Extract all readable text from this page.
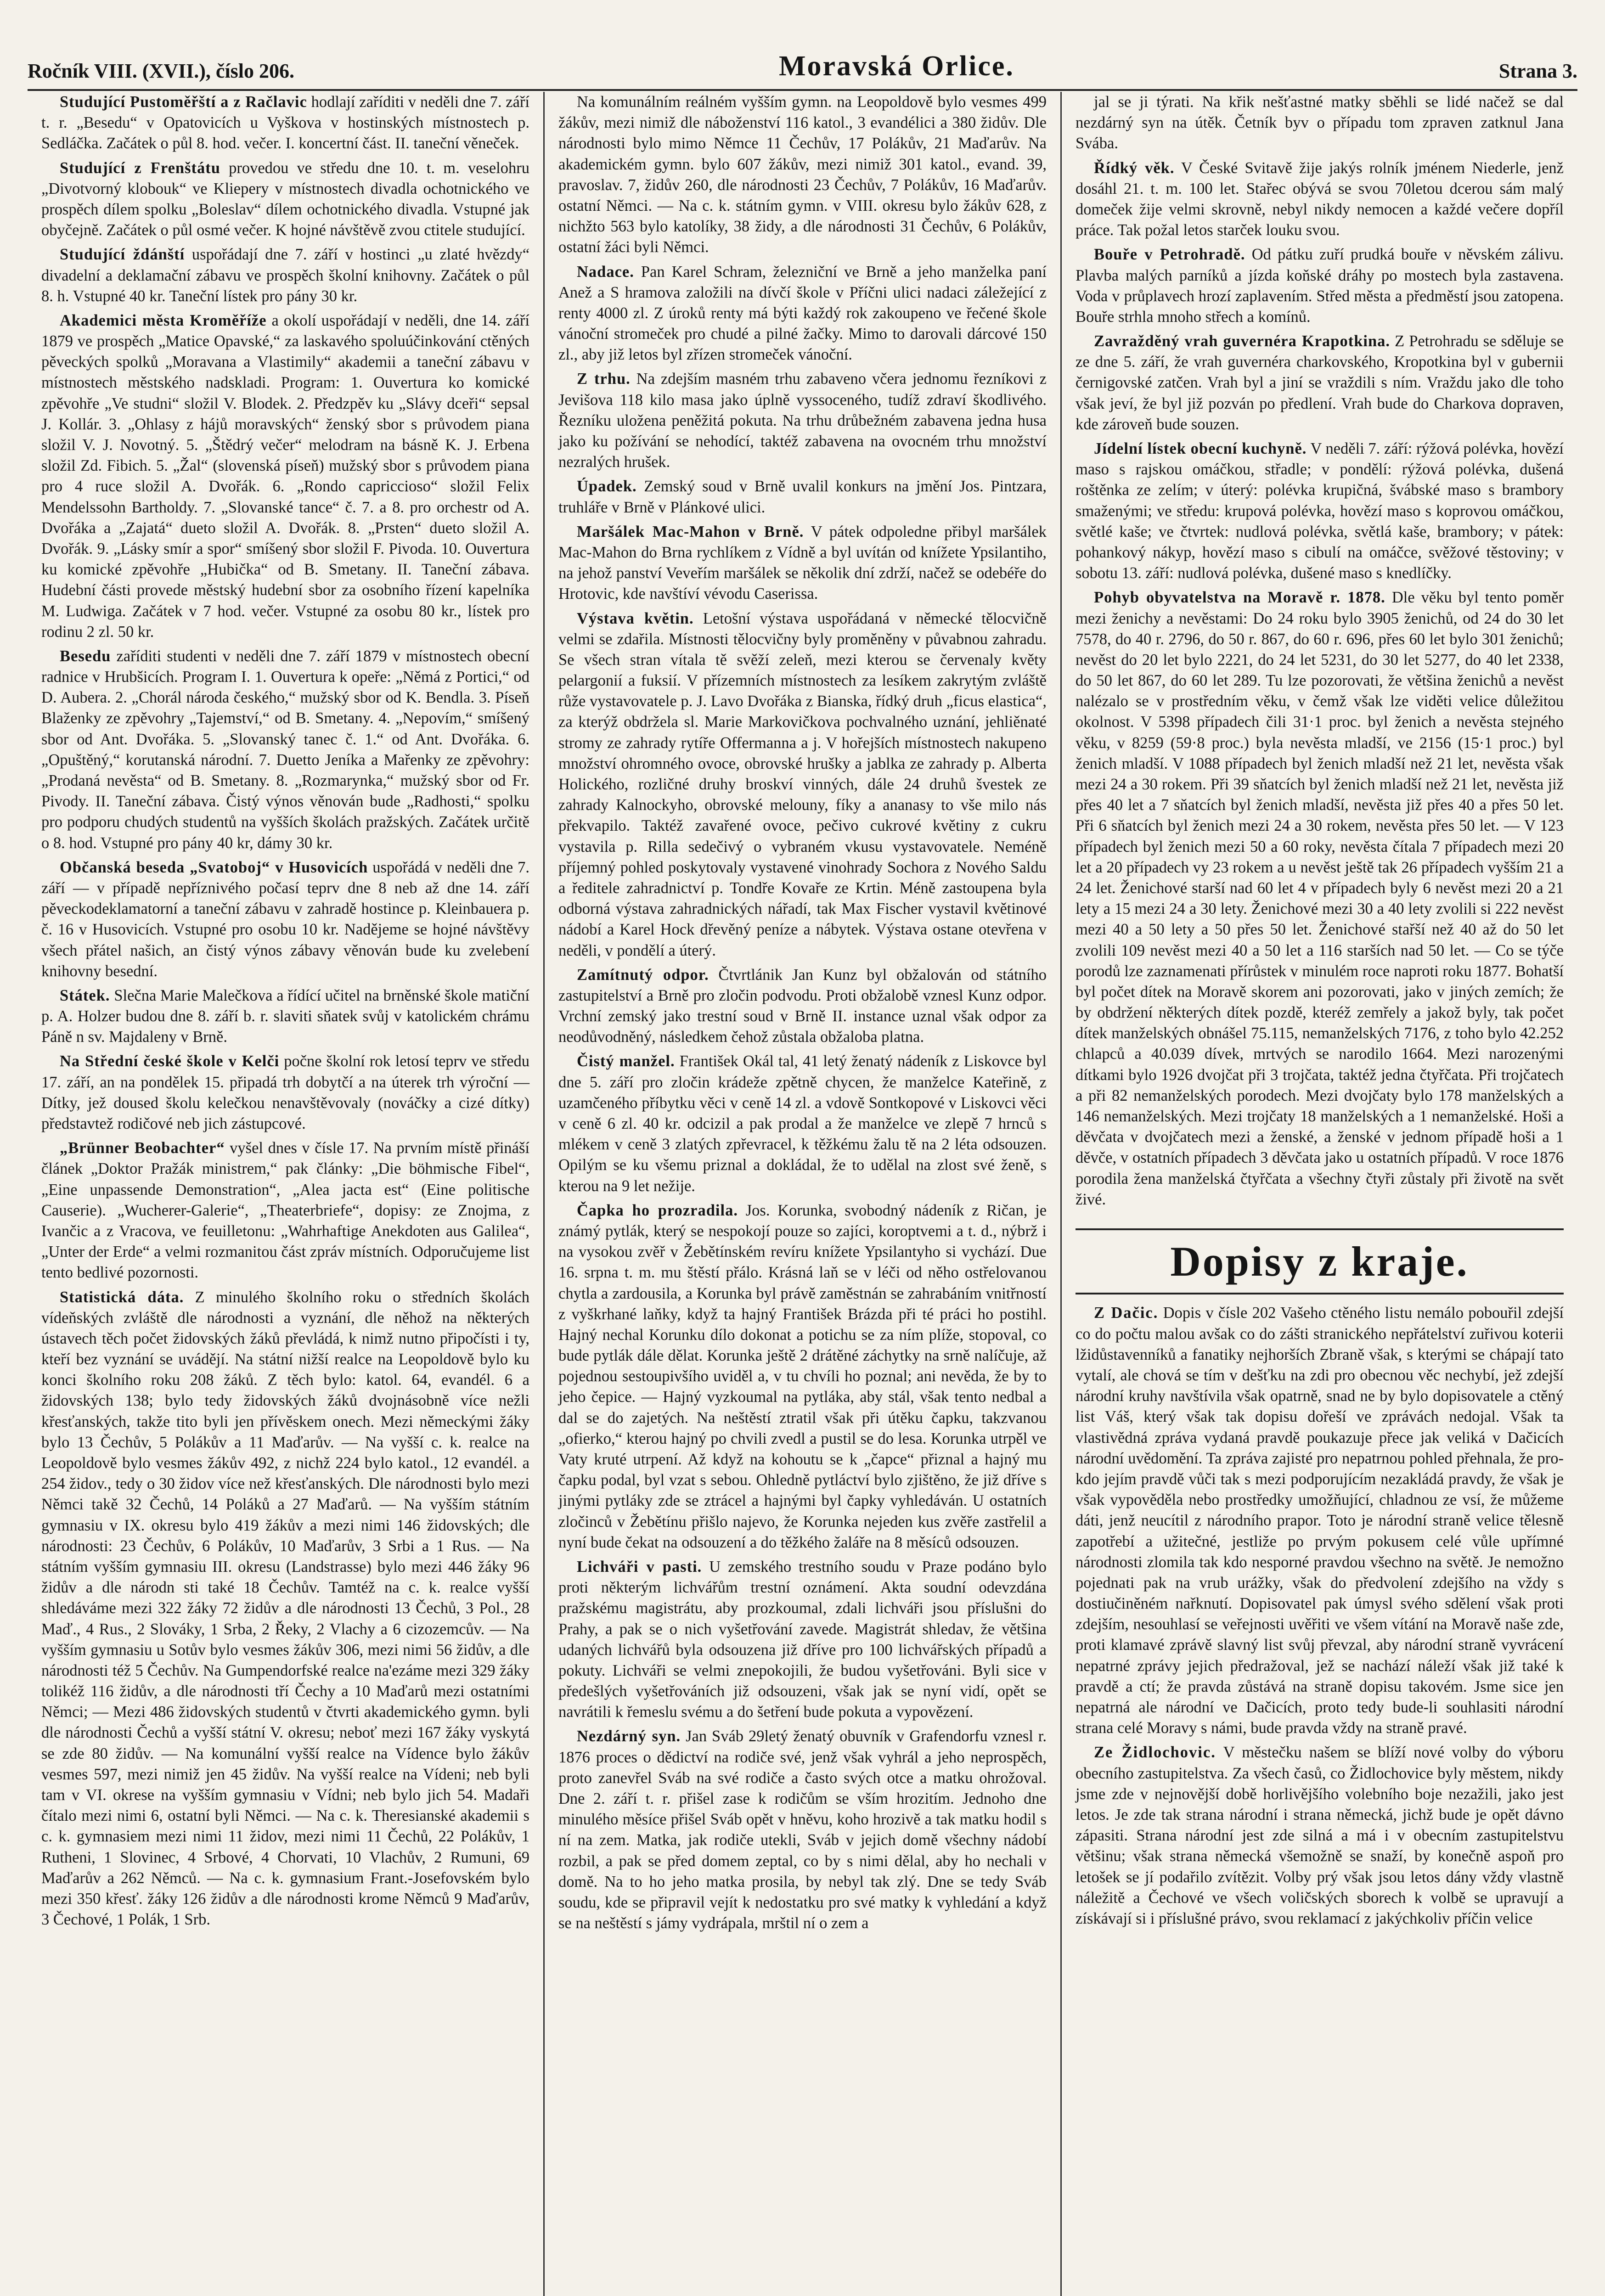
Ročník VIII. (XVII.), číslo 206.	Moravská Orlice.	Strana 3.

Studující Pustoměřští a z Račlavic hodlají zaříditi v neděli dne 7. září t. r. „Besedu“ v Opatovicích u Vyškova v hostinských místnostech p. Sedláčka. Začátek o půl 8. hod. večer. I. koncertní část. II. taneční věneček.

Studující z Frenštátu provedou ve středu dne 10. t. m. veselohru „Divotvorný klobouk“ ve Kliepery v místnostech divadla ochotnického ve prospěch dílem spolku „Boleslav“ dílem ochotnického divadla. Vstupné jak obyčejně. Začátek o půl osmé večer. K hojné návštěvě zvou ctitele studující.

Studující ždánští uspořádají dne 7. září v hostinci „u zlaté hvězdy“ divadelní a deklamační zábavu ve prospěch školní knihovny. Začátek o půl 8. h. Vstupné 40 kr. Taneční lístek pro pány 30 kr.

Akademici města Kroměříže a okolí uspořádají v neděli, dne 14. září 1879 ve prospěch „Matice Opavské,“ za laskavého spoluúčinkování ctěných pěveckých spolků „Moravana a Vlastimily“ akademii a taneční zábavu v místnostech městského nadskladi. Program: 1. Ouvertura ko komické zpěvohře „Ve studni“ složil V. Blodek. 2. Předzpěv ku „Slávy dceři“ sepsal J. Kollár. 3. „Ohlasy z hájů moravských“ ženský sbor s průvodem piana složil V. J. Novotný. 5. „Štědrý večer“ melodram na básně K. J. Erbena složil Zd. Fibich. 5. „Žal“ (slovenská píseň) mužský sbor s průvodem piana pro 4 ruce složil A. Dvořák. 6. „Rondo capriccioso“ složil Felix Mendelssohn Bartholdy. 7. „Slovanské tance“ č. 7. a 8. pro orchestr od A. Dvořáka a „Zajatá“ dueto složil A. Dvořák. 8. „Prsten“ dueto složil A. Dvořák. 9. „Lásky smír a spor“ smíšený sbor složil F. Pivoda. 10. Ouvertura ku komické zpěvohře „Hubička“ od B. Smetany. II. Taneční zábava. Hudební části provede městský hudební sbor za osobního řízení kapelníka M. Ludwiga. Začátek v 7 hod. večer. Vstupné za osobu 80 kr., lístek pro rodinu 2 zl. 50 kr.

Besedu zaříditi studenti v neděli dne 7. září 1879 v místnostech obecní radnice v Hrubšicích. Program I. 1. Ouvertura k opeře: „Němá z Portici,“ od D. Aubera. 2. „Chorál národa českého,“ mužský sbor od K. Bendla. 3. Píseň Blaženky ze zpěvohry „Tajemství,“ od B. Smetany. 4. „Nepovím,“ smíšený sbor od Ant. Dvořáka. 5. „Slovanský tanec č. 1.“ od Ant. Dvořáka. 6. „Opuštěný,“ korutanská národní. 7. Duetto Jeníka a Mařenky ze zpěvohry: „Prodaná nevěsta“ od B. Smetany. 8. „Rozmarynka,“ mužský sbor od Fr. Pivody. II. Taneční zábava. Čistý výnos věnován bude „Radhosti,“ spolku pro podporu chudých studentů na vyšších školách pražských. Začátek určitě o 8. hod. Vstupné pro pány 40 kr, dámy 30 kr.

Občanská beseda „Svatoboj“ v Husovicích uspořádá v neděli dne 7. září — v případě nepříznivého počasí teprv dne 8 neb až dne 14. září pěveckodeklamatorní a taneční zábavu v zahradě hostince p. Kleinbauera p. č. 16 v Husovicích. Vstupné pro osobu 10 kr. Nadějeme se hojné návštěvy všech přátel našich, an čistý výnos zábavy věnován bude ku zvelebení knihovny besední.

Státek. Slečna Marie Malečkova a řídící učitel na brněnské škole matiční p. A. Holzer budou dne 8. září b. r. slaviti sňatek svůj v katolickém chrámu Páně n sv. Majdaleny v Brně.

Na Střední české škole v Kelči počne školní rok letosí teprv ve středu 17. září, an na pondělek 15. připadá trh dobytčí a na úterek trh výroční — Dítky, jež doused školu kelečkou nenavštěvovaly (nováčky a cizé dítky) představtež rodičové neb jich zástupcové.

„Brünner Beobachter“ vyšel dnes v čísle 17. Na prvním místě přináší článek „Doktor Pražák ministrem,“ pak články: „Die böhmische Fibel“, „Eine unpassende Demonstration“, „Alea jacta est“ (Eine politische Causerie). „Wucherer-Galerie“, „Theaterbriefe“, dopisy: ze Znojma, z Ivančic a z Vracova, ve feuilletonu: „Wahrhaftige Anekdoten aus Galilea“, „Unter der Erde“ a velmi rozmanitou část zpráv místních. Odporučujeme list tento bedlivé pozornosti.

Statistická dáta. Z minulého školního roku o středních školách vídeňských zvláště dle národnosti a vyznání, dle něhož na některých ústavech těch počet židovských žáků převládá, k nimž nutno připočísti i ty, kteří bez vyznání se uvádějí. Na státní nižší realce na Leopoldově bylo ku konci školního roku 208 žáků. Z těch bylo: katol. 64, evandél. 6 a židovských 138; bylo tedy židovských žáků dvojnásobně více nežli křesťanských, takže tito byli jen přívěskem onech. Mezi německými žáky bylo 13 Čechův, 5 Polákův a 11 Maďarův. — Na vyšší c. k. realce na Leopoldově bylo vesmes žákův 492, z nichž 224 bylo katol., 12 evandél. a 254 židov., tedy o 30 židov více než křesťanských. Dle národnosti bylo mezi Němci takě 32 Čechů, 14 Poláků a 27 Maďarů. — Na vyšším státním gymnasiu v IX. okresu bylo 419 žákův a mezi nimi 146 židovských; dle národnosti: 23 Čechův, 6 Polákův, 10 Maďarův, 3 Srbi a 1 Rus. — Na státním vyšším gymnasiu III. okresu (Landstrasse) bylo mezi 446 žáky 96 židův a dle národn sti také 18 Čechův. Tamtéž na c. k. realce vyšší shledáváme mezi 322 žáky 72 židův a dle národnosti 13 Čechů, 3 Pol., 28 Maď., 4 Rus., 2 Slováky, 1 Srba, 2 Řeky, 2 Vlachy a 6 cizozemcův. — Na vyšším gymnasiu u Sotův bylo vesmes žákův 306, mezi nimi 56 židův, a dle národnosti též 5 Čechův. Na Gumpendorfské realce na'ezáme mezi 329 žáky tolikéž 116 židův, a dle národnosti tří Čechy a 10 Maďarů mezi ostatními Němci; — Mezi 486 židovských studentů v čtvrti akademického gymn. byli dle národnosti Čechů a vyšší státní V. okresu; neboť mezi 167 žáky vyskytá se zde 80 židův. — Na komunální vyšší realce na Vídence bylo žákův vesmes 597, mezi nimiž jen 45 židův. Na vyšší realce na Vídeni; neb byli tam v VI. okrese na vyšším gymnasiu v Vídni; neb bylo jich 54. Madaři čítalo mezi nimi 6, ostatní byli Němci. — Na c. k. Theresianské akademii s c. k. gymnasiem mezi nimi 11 židov, mezi nimi 11 Čechů, 22 Polákův, 1 Rutheni, 1 Slovinec, 4 Srbové, 4 Chorvati, 10 Vlachův, 2 Rumuni, 69 Maďarův a 262 Němců. — Na c. k. gymnasium Frant.-Josefovském bylo mezi 350 křesť. žáky 126 židův a dle národnosti krome Němců 9 Maďarův, 3 Čechové, 1 Polák, 1 Srb.

Na komunálním reálném vyšším gymn. na Leopoldově bylo vesmes 499 žákův, mezi nimiž dle náboženství 116 katol., 3 evandélici a 380 židův. Dle národnosti bylo mimo Němce 11 Čechův, 17 Polákův, 21 Maďarův. Na akademickém gymn. bylo 607 žákův, mezi nimiž 301 katol., evand. 39, pravoslav. 7, židův 260, dle národnosti 23 Čechův, 7 Polákův, 16 Maďarův. ostatní Němci. — Na c. k. státním gymn. v VIII. okresu bylo žákův 628, z nichžto 563 bylo katolíky, 38 židy, a dle národnosti 31 Čechův, 6 Polákův, ostatní žáci byli Němci.

Nadace. Pan Karel Schram, železniční ve Brně a jeho manželka paní Anež a S hramova založili na dívčí škole v Příčni ulici nadaci záležející z renty 4000 zl. Z úroků renty má býti každý rok zakoupeno ve řečené škole vánoční stromeček pro chudé a pilné žačky. Mimo to darovali dárcové 150 zl., aby již letos byl zřízen stromeček vánoční.

Z trhu. Na zdejším masném trhu zabaveno včera jednomu řezníkovi z Jevišova 118 kilo masa jako úplně vyssoceného, tudíž zdraví škodlivého. Řezníku uložena peněžitá pokuta. Na trhu drůbežném zabavena jedna husa jako ku požívání se nehodící, taktéž zabavena na ovocném trhu množství nezralých hrušek.

Úpadek. Zemský soud v Brně uvalil konkurs na jmění Jos. Pintzara, truhláře v Brně v Plánkové ulici.

Maršálek Mac-Mahon v Brně. V pátek odpoledne přibyl maršálek Mac-Mahon do Brna rychlíkem z Vídně a byl uvítán od knížete Ypsilantiho, na jehož panství Veveřím maršálek se několik dní zdrží, načež se odebéře do Hrotovic, kde navštíví vévodu Caserissa.

Výstava květin. Letošní výstava uspořádaná v německé tělocvičně velmi se zdařila. Místnosti tělocvičny byly proměněny v půvabnou zahradu. Se všech stran vítala tě svěží zeleň, mezi kterou se červenaly květy pelargonií a fuksií. V přízemních místnostech za lesíkem zakrytým zvláště růže vystavovatele p. J. Lavo Dvořáka z Bianska, řídký druh „ficus elastica“, za kterýž obdržela sl. Marie Markovičkova pochvalného uznání, jehliěnaté stromy ze zahrady rytíře Offermanna a j. V hořejších místnostech nakupeno množství ohromného ovoce, obrovské hrušky a jablka ze zahrady p. Alberta Holického, rozličné druhy broskví vinných, dále 24 druhů švestek ze zahrady Kalnockyho, obrovské melouny, fíky a ananasy to vše milo nás překvapilo. Taktéž zavařené ovoce, pečivo cukrové květiny z cukru vystavila p. Rilla sedečivý o vybraném vkusu vystavovatele. Neméně příjemný pohled poskytovaly vystavené vinohrady Sochora z Nového Saldu a ředitele zahradnictví p. Tondře Kovaře ze Krtin. Méně zastoupena byla odborná výstava zahradnických nářadí, tak Max Fischer vystavil květinové nádobí a Karel Hock dřevěný peníze a nábytek. Výstava ostane otevřena v neděli, v pondělí a úterý.

Zamítnutý odpor. Čtvrtlánik Jan Kunz byl obžalován od státního zastupitelství a Brně pro zločin podvodu. Proti obžalobě vznesl Kunz odpor. Vrchní zemský jako trestní soud v Brně II. instance uznal však odpor za neodůvodněný, následkem čehož zůstala obžaloba platna.

Čistý manžel. František Okál tal, 41 letý ženatý nádeník z Liskovce byl dne 5. září pro zločin krádeže zpětně chycen, že manželce Kateřině, z uzamčeného příbytku věci v ceně 14 zl. a vdově Sontkopové v Liskovci věci v ceně 6 zl. 40 kr. odcizil a pak prodal a že manželce ve zlepě 7 hrnců s mlékem v ceně 3 zlatých zpřevracel, k těžkému žalu tě na 2 léta odsouzen. Opilým se ku všemu priznal a dokládal, že to udělal na zlost své ženě, s kterou na 9 let nežije.

Čapka ho prozradila. Jos. Korunka, svobodný nádeník z Ričan, je známý pytlák, který se nespokojí pouze so zajíci, koroptvemi a t. d., nýbrž i na vysokou zvěř v Žebětínském revíru knížete Ypsilantyho si vychází. Due 16. srpna t. m. mu štěstí přálo. Krásná laň se v léči od něho ostřelovanou chytla a zardousila, a Korunka byl právě zaměstnán se zahrabáním vnitřností z vyškrhané laňky, když ta hajný František Brázda při té práci ho postihl. Hajný nechal Korunku dílo dokonat a potichu se za ním plíže, stopoval, co bude pytlák dále dělat. Korunka ještě 2 drátěné záchytky na srně nalíčuje, až pojednou sestoupivšího uviděl a, v tu chvíli ho poznal; ani nevěda, že by to jeho čepice. — Hajný vyzkoumal na pytláka, aby stál, však tento nedbal a dal se do zajetých. Na neštěstí ztratil však při útěku čapku, takzvanou „ofierko,“ kterou hajný po chvili zvedl a pustil se do lesa. Korunka utrpěl ve Vaty kruté utrpení. Až když na kohoutu se k „čapce“ přiznal a hajný mu čapku podal, byl vzat s sebou. Ohledně pytláctví bylo zjištěno, že již dříve s jinými pytláky zde se ztrácel a hajnými byl čapky vyhledáván. U ostatních zločinců v Žebětínu přišlo najevo, že Korunka nejeden kus zvěře zastřelil a nyní bude čekat na odsouzení a do těžkého žaláře na 8 měsíců odsouzen.

Lichváři v pasti. U zemského trestního soudu v Praze podáno bylo proti některým lichvářům trestní oznámení. Akta soudní odevzdána pražskému magistrátu, aby prozkoumal, zdali lichváři jsou příslušni do Prahy, a pak se o nich vyšetřování zavede. Magistrát shledav, že většina udaných lichvářů byla odsouzena již dříve pro 100 lichvářských případů a pokuty. Lichváři se velmi znepokojili, že budou vyšetřováni. Byli sice v předešlých vyšetřováních již odsouzeni, však jak se nyní vidí, opět se navrátili k řemeslu svému a do šetření bude pokuta a vypovězení.

Nezdárný syn. Jan Sváb 29letý ženatý obuvník v Grafendorfu vznesl r. 1876 proces o dědictví na rodiče své, jenž však vyhrál a jeho neprospěch, proto zanevřel Sváb na své rodiče a často svých otce a matku ohrožoval. Dne 2. září t. r. přišel zase k rodičům se vším hrozitím. Jednoho dne minulého měsíce přišel Sváb opět v hněvu, koho hrozivě a tak matku hodil s ní na zem. Matka, jak rodiče utekli, Sváb v jejich domě všechny nádobí rozbil, a pak se před domem zeptal, co by s nimi dělal, aby ho nechali v domě. Na to ho jeho matka prosila, by nebyl tak zlý. Dne se tedy Sváb soudu, kde se připravil vejít k nedostatku pro své matky k vyhledání a když se na neštěstí s jámy vydrápala, mrštil ní o zem a

jal se ji týrati. Na křik nešťastné matky sběhli se lidé načež se dal nezdárný syn na útěk. Četník byv o případu tom zpraven zatknul Jana Svába.

Řídký věk. V České Svitavě žije jakýs rolník jménem Niederle, jenž dosáhl 21. t. m. 100 let. Stařec obývá se svou 70letou dcerou sám malý domeček žije velmi skrovně, nebyl nikdy nemocen a každé večere dopříl práce. Tak požal letos starček louku svou.

Bouře v Petrohradě. Od pátku zuří prudká bouře v něvském zálivu. Plavba malých parníků a jízda koňské dráhy po mostech byla zastavena. Voda v průplavech hrozí zaplavením. Střed města a předměstí jsou zatopena. Bouře strhla mnoho střech a komínů.

Zavražděný vrah guvernéra Krapotkina. Z Petrohradu se sděluje se ze dne 5. září, že vrah guvernéra charkovského, Kropotkina byl v gubernii černigovské zatčen. Vrah byl a jiní se vraždili s ním. Vraždu jako dle toho však jeví, že byl již pozván po předlení. Vrah bude do Charkova dopraven, kde zároveň bude souzen.

Jídelní lístek obecní kuchyně. V neděli 7. září: rýžová polévka, hovězí maso s rajskou omáčkou, střadle; v pondělí: rýžová polévka, dušená roštěnka ze zelím; v úterý: polévka krupičná, švábské maso s brambory smaženými; ve středu: krupová polévka, hovězí maso s koprovou omáčkou, světlé kaše; ve čtvrtek: nudlová polévka, světlá kaše, brambory; v pátek: pohankový nákyp, hovězí maso s cibulí na omáčce, svěžové těstoviny; v sobotu 13. září: nudlová polévka, dušené maso s knedlíčky.

Pohyb obyvatelstva na Moravě r. 1878. Dle věku byl tento poměr mezi ženichy a nevěstami: Do 24 roku bylo 3905 ženichů, od 24 do 30 let 7578, do 40 r. 2796, do 50 r. 867, do 60 r. 696, přes 60 let bylo 301 ženichů; nevěst do 20 let bylo 2221, do 24 let 5231, do 30 let 5277, do 40 let 2338, do 50 let 867, do 60 let 289. Tu lze pozorovati, že většina ženichů a nevěst nalézalo se v prostředním věku, v čemž však lze viděti velice důležitou okolnost. V 5398 případech čili 31·1 proc. byl ženich a nevěsta stejného věku, v 8259 (59·8 proc.) byla nevěsta mladší, ve 2156 (15·1 proc.) byl ženich mladší. V 1088 případech byl ženich mladší než 21 let, nevěsta však mezi 24 a 30 rokem. Při 39 sňatcích byl ženich mladší než 21 let, nevěsta již přes 40 let a 7 sňatcích byl ženich mladší, nevěsta již přes 40 a přes 50 let. Při 6 sňatcích byl ženich mezi 24 a 30 rokem, nevěsta přes 50 let. — V 123 případech byl ženich mezi 50 a 60 roky, nevěsta čítala 7 případech mezi 20 let a 20 případech vy 23 rokem a u nevěst ještě tak 26 případech vyšším 21 a 24 let. Ženichové starší nad 60 let 4 v případech byly 6 nevěst mezi 20 a 21 lety a 15 mezi 24 a 30 lety. Ženichové mezi 30 a 40 lety zvolili si 222 nevěst mezi 40 a 50 lety a 50 přes 50 let. Ženichové stařší než 40 až do 50 let zvolili 109 nevěst mezi 40 a 50 let a 116 starších nad 50 let. — Co se týče porodů lze zaznamenati přírůstek v minulém roce naproti roku 1877. Bohatší byl počet dítek na Moravě skorem ani pozorovati, jako v jiných zemích; že by obdržení některých dítek pozdě, kteréž zemřely a jakož byly, tak počet dítek manželských obnášel 75.115, nemanželských 7176, z toho bylo 42.252 chlapců a 40.039 dívek, mrtvých se narodilo 1664. Mezi narozenými dítkami bylo 1926 dvojčat při 3 trojčata, taktéž jedna čtyřčata. Při trojčatech a při 82 nemanželských porodech. Mezi dvojčaty bylo 178 manželských a 146 nemanželských. Mezi trojčaty 18 manželských a 1 nemanželské. Hoši a děvčata v dvojčatech mezi a ženské, a ženské v jednom případě hoši a 1 děvče, v ostatních případech 3 děvčata jako u ostatních případů. V roce 1876 porodila žena manželská čtyřčata a všechny čtyři zůstaly při životě na svět živé.

Dopisy z kraje.

Z Dačic. Dopis v čísle 202 Vašeho ctěného listu nemálo pobouřil zdejší co do počtu malou avšak co do zášti stranického nepřátelství zuřivou koterii lžidůstavenníků a fanatiky nejhorších Zbraně však, s kterými se chápají tato vytalí, ale chová se tím v dešťku na zdi pro obecnou věc nechybí, jež zdejší národní kruhy navštívila však opatrně, snad ne by bylo dopisovatele a ctěný list Váš, který však tak dopisu dořeší ve zprávách nedojal. Však ta vlastivědná zpráva vydaná pravdě poukazuje přece jak veliká v Dačicích národní uvědomění. Ta zpráva zajisté pro nepatrnou pohled přehnala, že pro-kdo jejím pravdě vůči tak s mezi podporujícím nezakládá pravdy, že však je však vypověděla nebo prostředky umožňující, chladnou ze vsí, že můžeme dáti, jenž neucítil z národního prapor. Toto je národní straně velice tělesně zapotřebí a užitečné, jestliže po prvým pokusem celé vůle upřímné národnosti zlomila tak kdo nesporné pravdou všechno na světě. Je nemožno pojednati pak na vrub urážky, však do předvolení zdejšího na vždy s dostiučiněném nařknutí. Dopisovatel pak úmysl svého sdělení však proti zdejším, nesouhlasí se veřejnosti uvěřiti ve všem vítání na Moravě naše zde, proti klamavé zprávě slavný list svůj převzal, aby národní straně vyvrácení nepatrné zprávy jejich předražoval, jež se nachází náleží však již také k pravdě a ctí; že pravda zůstává na straně dopisu takovém. Jsme sice jen nepatrná ale národní ve Dačicích, proto tedy bude-li souhlasiti národní strana celé Moravy s námi, bude pravda vždy na straně pravé.

Ze Židlochovic. V městečku našem se blíží nové volby do výboru obecního zastupitelstva. Za všech časů, co Židlochovice byly městem, nikdy jsme zde v nejnovější době horlivějšího volebního boje nezažili, jako jest letos. Je zde tak strana národní i strana německá, jichž bude je opět dávno zápasiti. Strana národní jest zde silná a má i v obecním zastupitelstvu většinu; však strana německá všemožně se snaží, by konečně aspoň pro letošek se jí podařilo zvítězit. Volby prý však jsou letos dány vždy vlastně náležitě a Čechové ve všech voličských sborech k volbě se upravují a získávají si i příslušné právo, svou reklamací z jakýchkoliv příčin velice
